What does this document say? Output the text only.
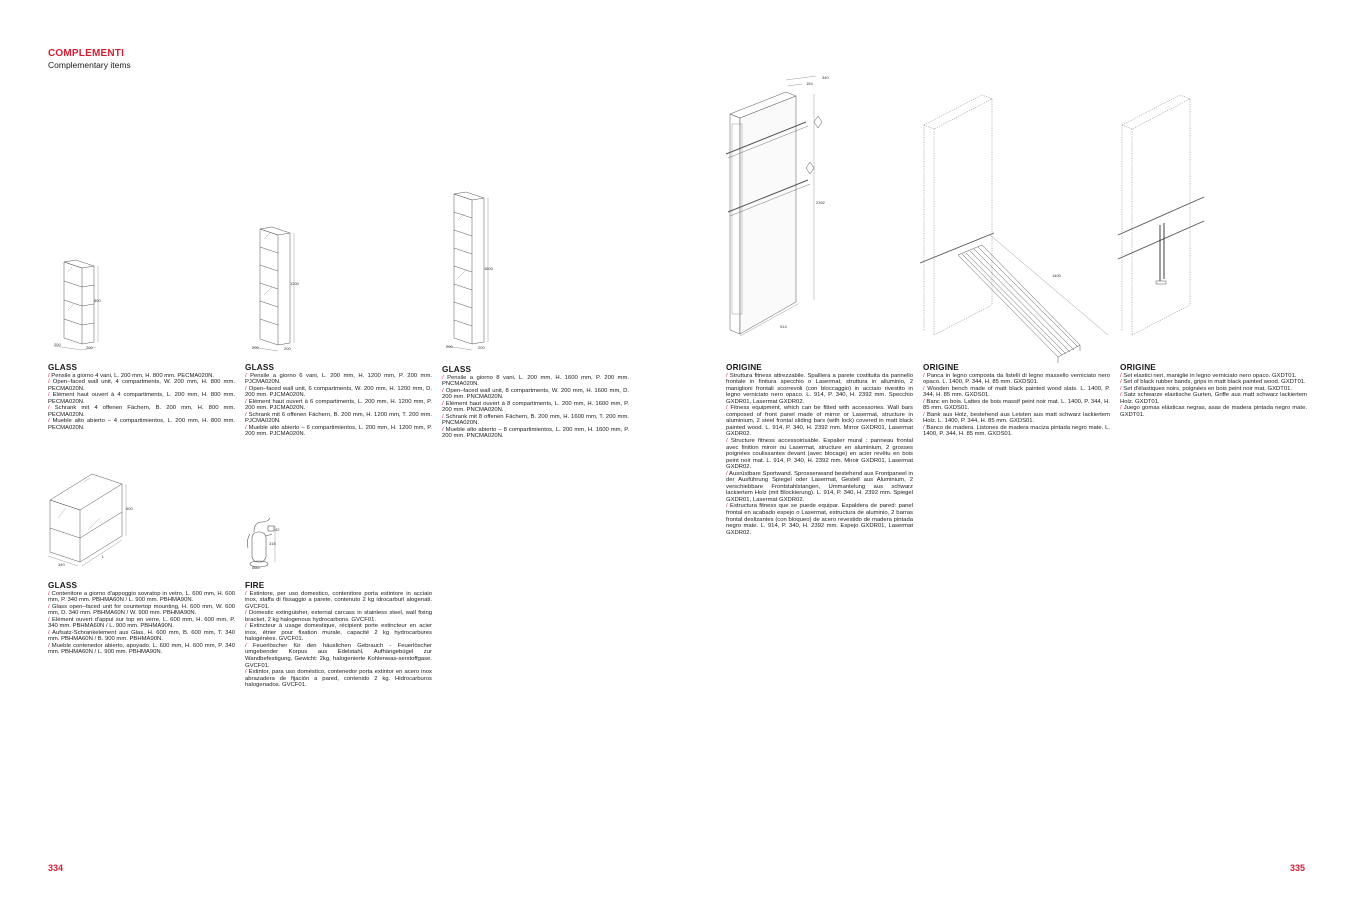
COMPLEMENTI
Complementary items
800
200
200
1200
200	200
1600
200	200
600
340
L
42
315
Ø85
340
154
2392
914
1400
GLASS

/ Pensile a giorno 4 vani, L. 200 mm, H. 800 mm. PECMA020N.

/ Open–faced wall unit, 4 compartments, W. 200 mm, H. 800 mm. PECMA020N.

/ Elément haut ouvert à 4 compartiments, L. 200 mm, H. 800 mm. PECMA020N.

/ Schrank mit 4 offenen Fächern, B. 200 mm, H. 800 mm. PECMA020N.

/ Mueble alto abierto – 4 compartimientos, L. 200 mm, H. 800 mm. PECMA020N.

GLASS

/ Pensile a giorno 6 vani, L. 200 mm, H. 1200 mm, P. 200 mm. PJCMA020N.

/ Open–faced wall unit, 6 compartments, W. 200 mm, H. 1200 mm, D. 200 mm. PJCMA020N.

/ Elément haut ouvert à 6 compartiments, L. 200 mm, H. 1200 mm, P. 200 mm. PJCMA020N.

/ Schrank mit 6 offenen Fächern, B. 200 mm, H. 1200 mm, T. 200 mm. PJCMA020N.

/ Mueble alto abierto – 6 compartimientos, L. 200 mm, H. 1200 mm, P. 200 mm. PJCMA020N.

GLASS

/ Pensile a giorno 8 vani, L. 200 mm, H. 1600 mm, P. 200 mm. PNCMA020N.

/ Open–faced wall unit, 8 compartments, W. 200 mm, H. 1600 mm, D. 200 mm. PNCMA020N.

/ Elément haut ouvert à 8 compartiments, L. 200 mm, H. 1600 mm, P. 200 mm. PNCMA020N.

/ Schrank mit 8 offenen Fächern, B. 200 mm, H. 1600 mm, T. 200 mm. PNCMA020N.

/ Mueble alto abierto – 8 compartimientos, L. 200 mm, H. 1600 mm, P. 200 mm. PNCMA020N.

GLASS

/ Contenitore a giorno d'appoggio sovratop in vetro, L. 600 mm, H. 600 mm, P. 340 mm. PBHMA60N / L. 900 mm. PBHMA90N.

/ Glass open–faced unit for countertop mounting, H. 600 mm, W. 600 mm, D. 340 mm. PBHMA60N / W. 900 mm. PBHMA90N.

/ Elément ouvert d'appui sur top en verre, L. 600 mm, H. 600 mm, P. 340 mm. PBHMA60N / L. 900 mm. PBHMA90N.

/ Aufsatz-Schrankelement aus Glas, H. 600 mm, B. 600 mm, T. 340 mm. PBHMA60N / B. 900 mm. PBHMA90N.

/ Mueble contenedor abierto, apoyado. L. 600 mm, H. 600 mm, P. 340 mm. PBHMA60N / L. 900 mm. PBHMA90N.

FIRE

/ Estintore, per uso domestico, contenitore porta estintore in acciaio inox, staffa di fissaggio a parete, contenuto 2 kg idrocarburi alogenati. GVCF01.

/ Domestic extinguisher, external carcass in stainless steel, wall fixing bracket, 2 kg halogenous hydrocarbons. GVCF01.

/ Extincteur à usage domestique, récipient porte extincteur en acier inox, étrier pour fixation murale, capacité 2 kg hydrocarbures halogénées. GVCF01.

/ Feuerlöscher für den häuslichen Gebrauch - Feuerlöscher umgebender Korpus aus Edelstahl, Aufhängebügel zur Wandbefestigung, Gewicht: 2kg, halogenierte Kohlenwas-serstoffgase. GVCF01.

/ Extintor, para uso doméstico, contenedor porta extintor en acero inox abrazadera de fijación a pared, contenido 2 kg. Hidrocarburos halogenados. GVCF01.

ORIGINE

/ Struttura fitness attrezzabile. Spalliera a parete costituita da pannello frontale in finitura specchio o Lasermat, struttura in alluminio, 2 maniglioni frontali scorrevoli (con bloccaggio) in acciaio rivestito in legno verniciato nero opaco. L. 914, P. 340, H. 2392 mm. Specchio GXDR01, Lasermat GXDR02.

/ Fitness equipment, which can be fitted with accessories. Wall bars composed of front panel made of mirror or Lasermat, structure in aluminium, 2 steel frontal sliding bars (with lock) covered in matt black painted wood. L. 914, P. 340, H. 2392 mm. Mirror GXDR01, Lasermat GXDR02.

/ Structure fitness accessoirisable. Espalier mural : panneau frontal avec finition miroir ou Lasermat, structure en aluminium, 2 grosses poignées coulissantes devant (avec blocage) en acier revêtu en bois peint noir mat. L. 914, P. 340, H. 2392 mm. Miroir GXDR01, Lasermat GXDR02.

/ Ausrüstbare Sportwand. Sprossenwand bestehend aus Frontpaneel in der Ausführung Spiegel oder Lasermat, Gestell aus Aluminium, 2 verschiebbare Frontstahlstangen, Ummantelung aus schwarz lackiertem Holz (mit Blockierung). L. 914, P. 340, H. 2392 mm. Spiegel GXDR01, Lasermat GXDR02.

/ Estructura fitness que se puede equipar. Espaldera de pared: panel frontal en acabado espejo o Lasermat, estructura de aluminio, 2 barras frontal deslizantes (con bloqueo) de acero revestido de madera pintada negro mate. L. 914, P. 340, H. 2392 mm. Espejo GXDR01, Lasermat GXDR02.

ORIGINE

/ Panca in legno composta da listelli di legno massello verniciato nero opaco. L. 1400, P. 344, H. 85 mm. GXDS01.

/ Wooden bench made of matt black painted wood slats. L. 1400, P. 344, H. 85 mm. GXDS01.

/ Banc en bois. Lattes de bois massif peint noir mat. L. 1400, P. 344, H. 85 mm. GXDS01.

/ Bank aus Holz, bestehend aus Leisten aus matt schwarz lackiertem Holz. L. 1400, P. 344, H. 85 mm. GXDS01.

/ Banco de madera. Listones de madera maciza pintada negro mate. L. 1400, P. 344, H. 85 mm. GXDS01.

ORIGINE

/ Set elastici neri, maniglie in legno verniciato nero opaco. GXDT01.

/ Set of black rubber bands, grips in matt black painted wood. GXDT01.

/ Set d'élastiques noirs, poignées en bois peint noir mat. GXDT01.

/ Satz schwarze elastische Gurten, Griffe aus matt schwarz lackiertem Holz. GXDT01.

/ Juego gomas elásticas negras, asas de madera pintada negro mate. GXDT01.

334	335
